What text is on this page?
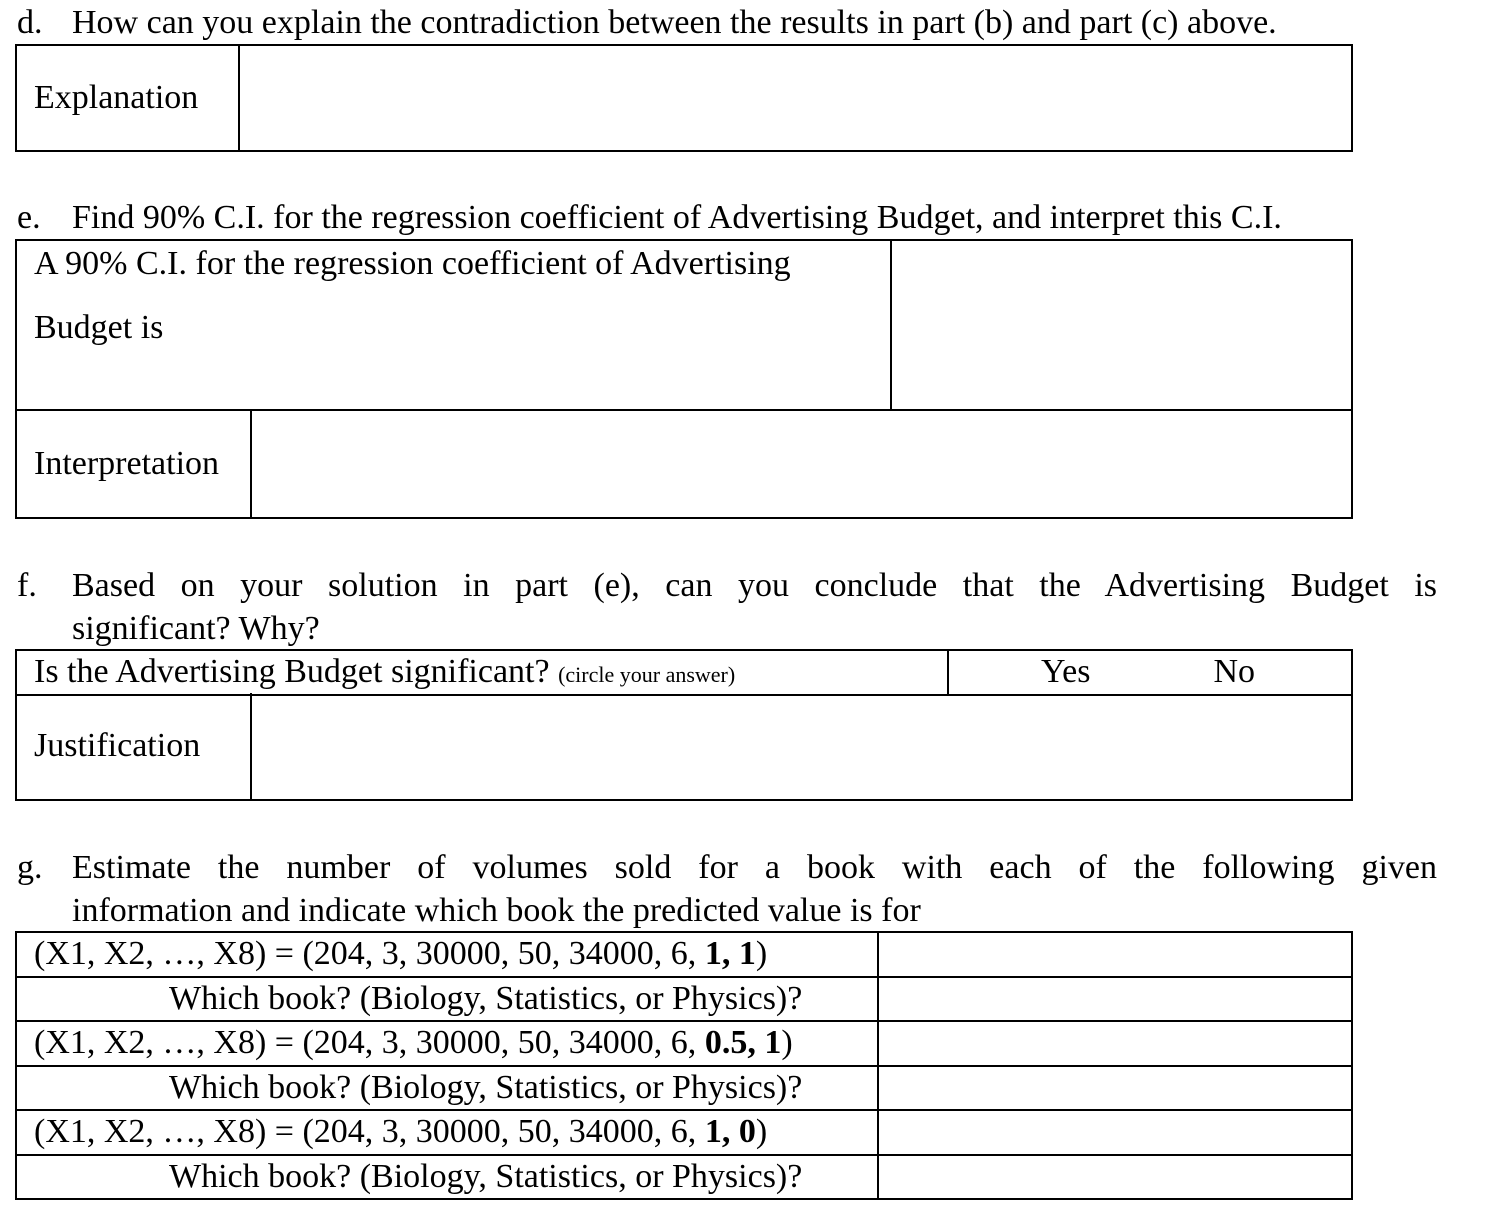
d. How can you explain the contradiction between the results in part (b) and part (c) above.
Explanation	
e. Find 90% C.I. for the regression coefficient of Advertising Budget, and interpret this C.I.
A 90% C.I. for the regression coefficient of Advertising
Budget is

Interpretation	
f. Based on your solution in part (e), can you conclude that the Advertising Budget is
significant? Why?
Is the Advertising Budget significant? (circle your answer)	Yes	No
Justification	
g. Estimate the number of volumes sold for a book with each of the following given
information and indicate which book the predicted value is for
(X1, X2, …, X8) = (204, 3, 30000, 50, 34000, 6, 1, 1)	
Which book? (Biology, Statistics, or Physics)?	
(X1, X2, …, X8) = (204, 3, 30000, 50, 34000, 6, 0.5, 1)	
Which book? (Biology, Statistics, or Physics)?	
(X1, X2, …, X8) = (204, 3, 30000, 50, 34000, 6, 1, 0)	
Which book? (Biology, Statistics, or Physics)?	
